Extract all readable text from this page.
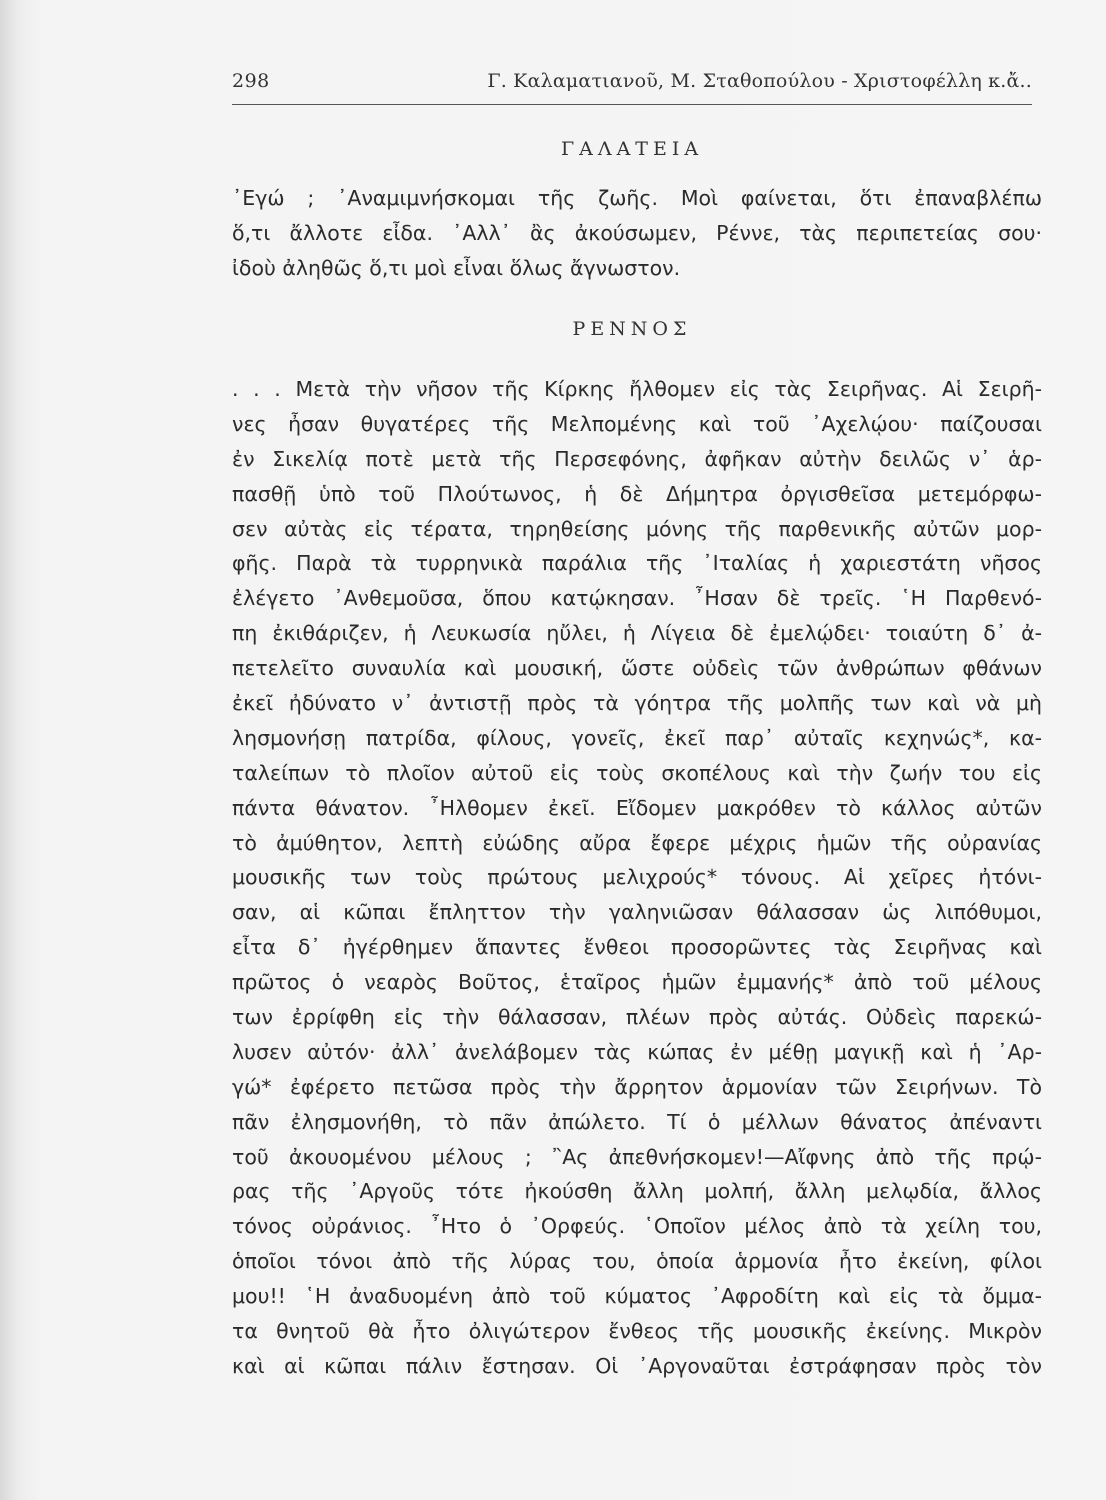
298	Γ. Καλαματιανοῦ, Μ. Σταθοπούλου - Χριστοφέλλη κ.ἄ..
ΓΑΛΑΤΕΙΑ
᾿Εγώ ; ᾿Αναμιμνήσκομαι τῆς ζωῆς. Μοὶ φαίνεται, ὅτι ἐπαναβλέπω
ὅ,τι ἄλλοτε εἶδα. ᾿Αλλ᾿ ἂς ἀκούσωμεν, Ρέννε, τὰς περιπετείας σου·
ἰδοὺ ἀληθῶς ὅ,τι μοὶ εἶναι ὅλως ἄγνωστον.
ΡΕΝΝΟΣ
. . . Μετὰ τὴν νῆσον τῆς Κίρκης ἤλθομεν εἰς τὰς Σειρῆνας. Αἱ Σειρῆ-
νες ἦσαν θυγατέρες τῆς Μελπομένης καὶ τοῦ ᾿Αχελῴου· παίζουσαι
ἐν Σικελίᾳ ποτὲ μετὰ τῆς Περσεφόνης, ἀφῆκαν αὐτὴν δειλῶς ν᾿ ἁρ-
πασθῇ ὑπὸ τοῦ Πλούτωνος, ἡ δὲ Δήμητρα ὀργισθεῖσα μετεμόρφω-
σεν αὐτὰς εἰς τέρατα, τηρηθείσης μόνης τῆς παρθενικῆς αὐτῶν μορ-
φῆς. Παρὰ τὰ τυρρηνικὰ παράλια τῆς ᾿Ιταλίας ἡ χαριεστάτη νῆσος
ἐλέγετο ᾿Ανθεμοῦσα, ὅπου κατῴκησαν. ῏Ησαν δὲ τρεῖς. ῾Η Παρθενό-
πη ἐκιθάριζεν, ἡ Λευκωσία ηὔλει, ἡ Λίγεια δὲ ἐμελῴδει· τοιαύτη δ᾿ ἀ-
πετελεῖτο συναυλία καὶ μουσική, ὥστε οὐδεὶς τῶν ἀνθρώπων φθάνων
ἐκεῖ ἠδύνατο ν᾿ ἀντιστῇ πρὸς τὰ γόητρα τῆς μολπῆς των καὶ νὰ μὴ
λησμονήσῃ πατρίδα, φίλους, γονεῖς, ἐκεῖ παρ᾿ αὐταῖς κεχηνώς*, κα-
ταλείπων τὸ πλοῖον αὐτοῦ εἰς τοὺς σκοπέλους καὶ τὴν ζωήν του εἰς
πάντα θάνατον. ῏Ηλθομεν ἐκεῖ. Εἴδομεν μακρόθεν τὸ κάλλος αὐτῶν
τὸ ἀμύθητον, λεπτὴ εὐώδης αὔρα ἔφερε μέχρις ἡμῶν τῆς οὐρανίας
μουσικῆς των τοὺς πρώτους μελιχρούς* τόνους. Αἱ χεῖρες ἠτόνι-
σαν, αἱ κῶπαι ἔπληττον τὴν γαληνιῶσαν θάλασσαν ὡς λιπόθυμοι,
εἶτα δ᾿ ἠγέρθημεν ἅπαντες ἔνθεοι προσορῶντες τὰς Σειρῆνας καὶ
πρῶτος ὁ νεαρὸς Βοῦτος, ἑταῖρος ἡμῶν ἐμμανής* ἀπὸ τοῦ μέλους
των ἐρρίφθη εἰς τὴν θάλασσαν, πλέων πρὸς αὐτάς. Οὐδεὶς παρεκώ-
λυσεν αὐτόν· ἀλλ᾿ ἀνελάβομεν τὰς κώπας ἐν μέθῃ μαγικῇ καὶ ἡ ᾿Αρ-
γώ* ἐφέρετο πετῶσα πρὸς τὴν ἄρρητον ἁρμονίαν τῶν Σειρήνων. Τὸ
πᾶν ἐλησμονήθη, τὸ πᾶν ἀπώλετο. Τί ὁ μέλλων θάνατος ἀπέναντι
τοῦ ἀκουομένου μέλους ; ῍Ας ἀπεθνήσκομεν!—Αἴφνης ἀπὸ τῆς πρῴ-
ρας τῆς ᾿Αργοῦς τότε ἠκούσθη ἄλλη μολπή, ἄλλη μελῳδία, ἄλλος
τόνος οὐράνιος. ῏Ητο ὁ ᾿Ορφεύς. ῾Οποῖον μέλος ἀπὸ τὰ χείλη του,
ὁποῖοι τόνοι ἀπὸ τῆς λύρας του, ὁποία ἁρμονία ἦτο ἐκείνη, φίλοι
μου!! ῾Η ἀναδυομένη ἀπὸ τοῦ κύματος ᾿Αφροδίτη καὶ εἰς τὰ ὄμμα-
τα θνητοῦ θὰ ἦτο ὀλιγώτερον ἔνθεος τῆς μουσικῆς ἐκείνης. Μικρὸν
καὶ αἱ κῶπαι πάλιν ἔστησαν. Οἱ ᾿Αργοναῦται ἐστράφησαν πρὸς τὸν
